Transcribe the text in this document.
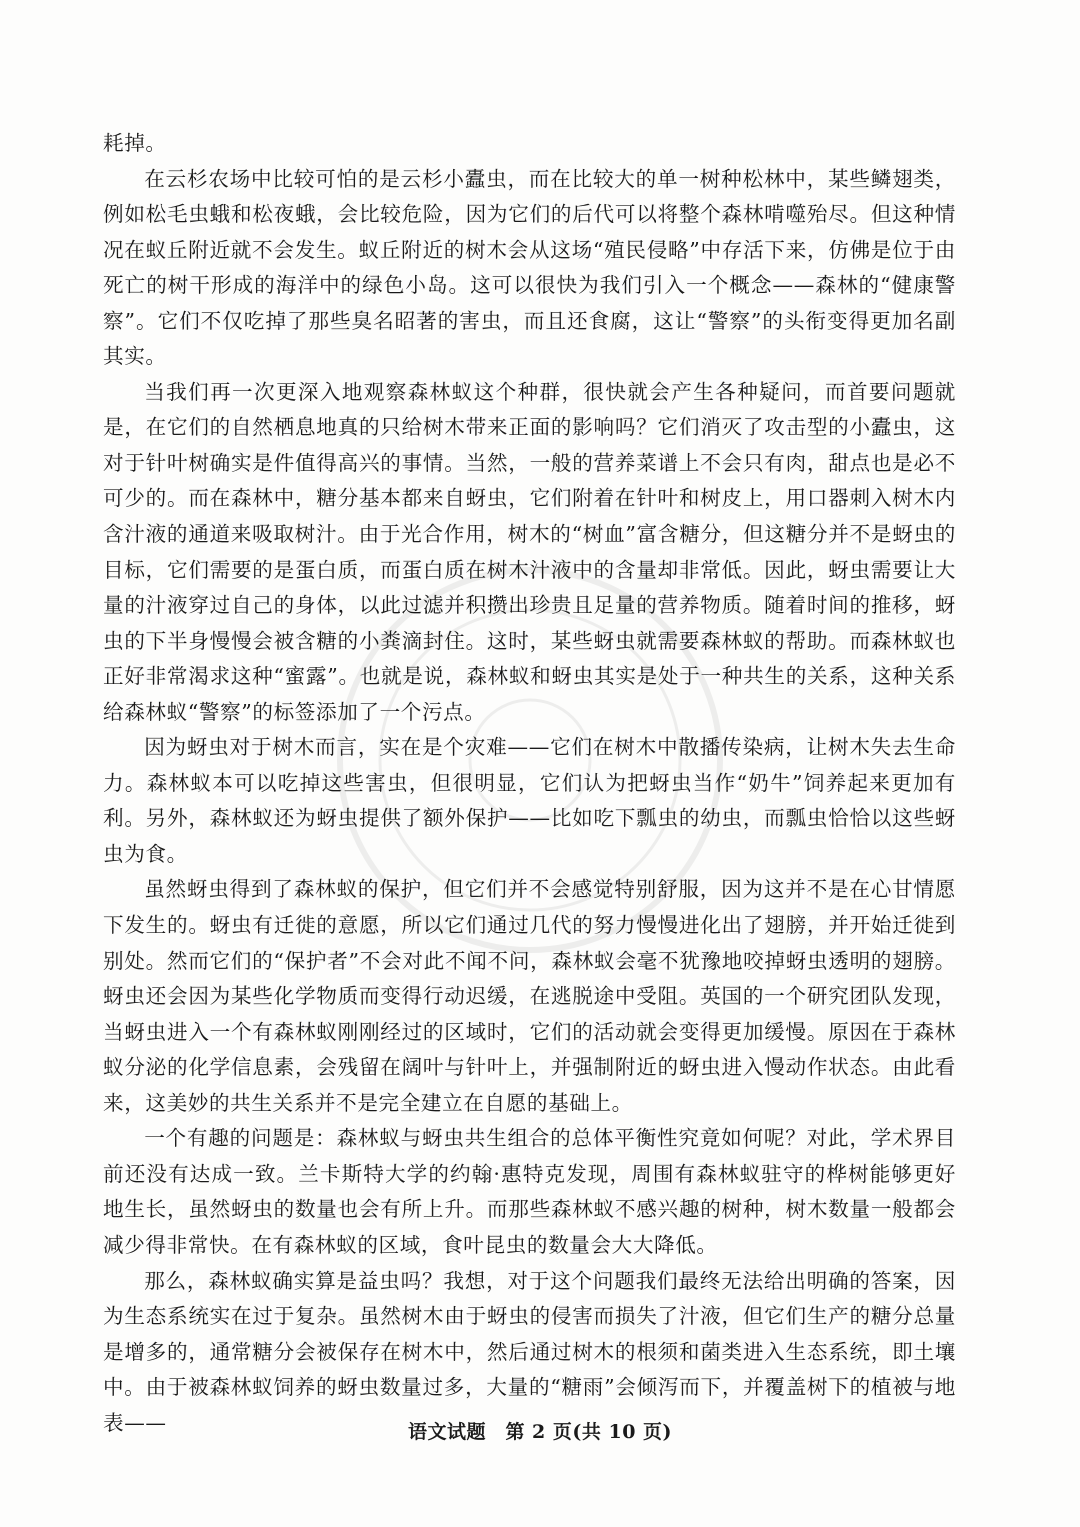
耗掉。

在云杉农场中比较可怕的是云杉小蠹虫，而在比较大的单一树种松林中，某些鳞翅类，例如松毛虫蛾和松夜蛾，会比较危险，因为它们的后代可以将整个森林啃噬殆尽。但这种情况在蚁丘附近就不会发生。蚁丘附近的树木会从这场“殖民侵略”中存活下来，仿佛是位于由死亡的树干形成的海洋中的绿色小岛。这可以很快为我们引入一个概念——森林的“健康警察”。它们不仅吃掉了那些臭名昭著的害虫，而且还食腐，这让“警察”的头衔变得更加名副其实。

当我们再一次更深入地观察森林蚁这个种群，很快就会产生各种疑问，而首要问题就是，在它们的自然栖息地真的只给树木带来正面的影响吗？它们消灭了攻击型的小蠹虫，这对于针叶树确实是件值得高兴的事情。当然，一般的营养菜谱上不会只有肉，甜点也是必不可少的。而在森林中，糖分基本都来自蚜虫，它们附着在针叶和树皮上，用口器刺入树木内含汁液的通道来吸取树汁。由于光合作用，树木的“树血”富含糖分，但这糖分并不是蚜虫的目标，它们需要的是蛋白质，而蛋白质在树木汁液中的含量却非常低。因此，蚜虫需要让大量的汁液穿过自己的身体，以此过滤并积攒出珍贵且足量的营养物质。随着时间的推移，蚜虫的下半身慢慢会被含糖的小粪滴封住。这时，某些蚜虫就需要森林蚁的帮助。而森林蚁也正好非常渴求这种“蜜露”。也就是说，森林蚁和蚜虫其实是处于一种共生的关系，这种关系给森林蚁“警察”的标签添加了一个污点。

因为蚜虫对于树木而言，实在是个灾难——它们在树木中散播传染病，让树木失去生命力。森林蚁本可以吃掉这些害虫，但很明显，它们认为把蚜虫当作“奶牛”饲养起来更加有利。另外，森林蚁还为蚜虫提供了额外保护——比如吃下瓢虫的幼虫，而瓢虫恰恰以这些蚜虫为食。

虽然蚜虫得到了森林蚁的保护，但它们并不会感觉特别舒服，因为这并不是在心甘情愿下发生的。蚜虫有迁徙的意愿，所以它们通过几代的努力慢慢进化出了翅膀，并开始迁徙到别处。然而它们的“保护者”不会对此不闻不问，森林蚁会毫不犹豫地咬掉蚜虫透明的翅膀。蚜虫还会因为某些化学物质而变得行动迟缓，在逃脱途中受阻。英国的一个研究团队发现，当蚜虫进入一个有森林蚁刚刚经过的区域时，它们的活动就会变得更加缓慢。原因在于森林蚁分泌的化学信息素，会残留在阔叶与针叶上，并强制附近的蚜虫进入慢动作状态。由此看来，这美妙的共生关系并不是完全建立在自愿的基础上。

一个有趣的问题是：森林蚁与蚜虫共生组合的总体平衡性究竟如何呢？对此，学术界目前还没有达成一致。兰卡斯特大学的约翰·惠特克发现，周围有森林蚁驻守的桦树能够更好地生长，虽然蚜虫的数量也会有所上升。而那些森林蚁不感兴趣的树种，树木数量一般都会减少得非常快。在有森林蚁的区域，食叶昆虫的数量会大大降低。

那么，森林蚁确实算是益虫吗？我想，对于这个问题我们最终无法给出明确的答案，因为生态系统实在过于复杂。虽然树木由于蚜虫的侵害而损失了汁液，但它们生产的糖分总量是增多的，通常糖分会被保存在树木中，然后通过树木的根须和菌类进入生态系统，即土壤中。由于被森林蚁饲养的蚜虫数量过多，大量的“糖雨”会倾泻而下，并覆盖树下的植被与地表——	语文试题　第 2 页(共 10 页)
